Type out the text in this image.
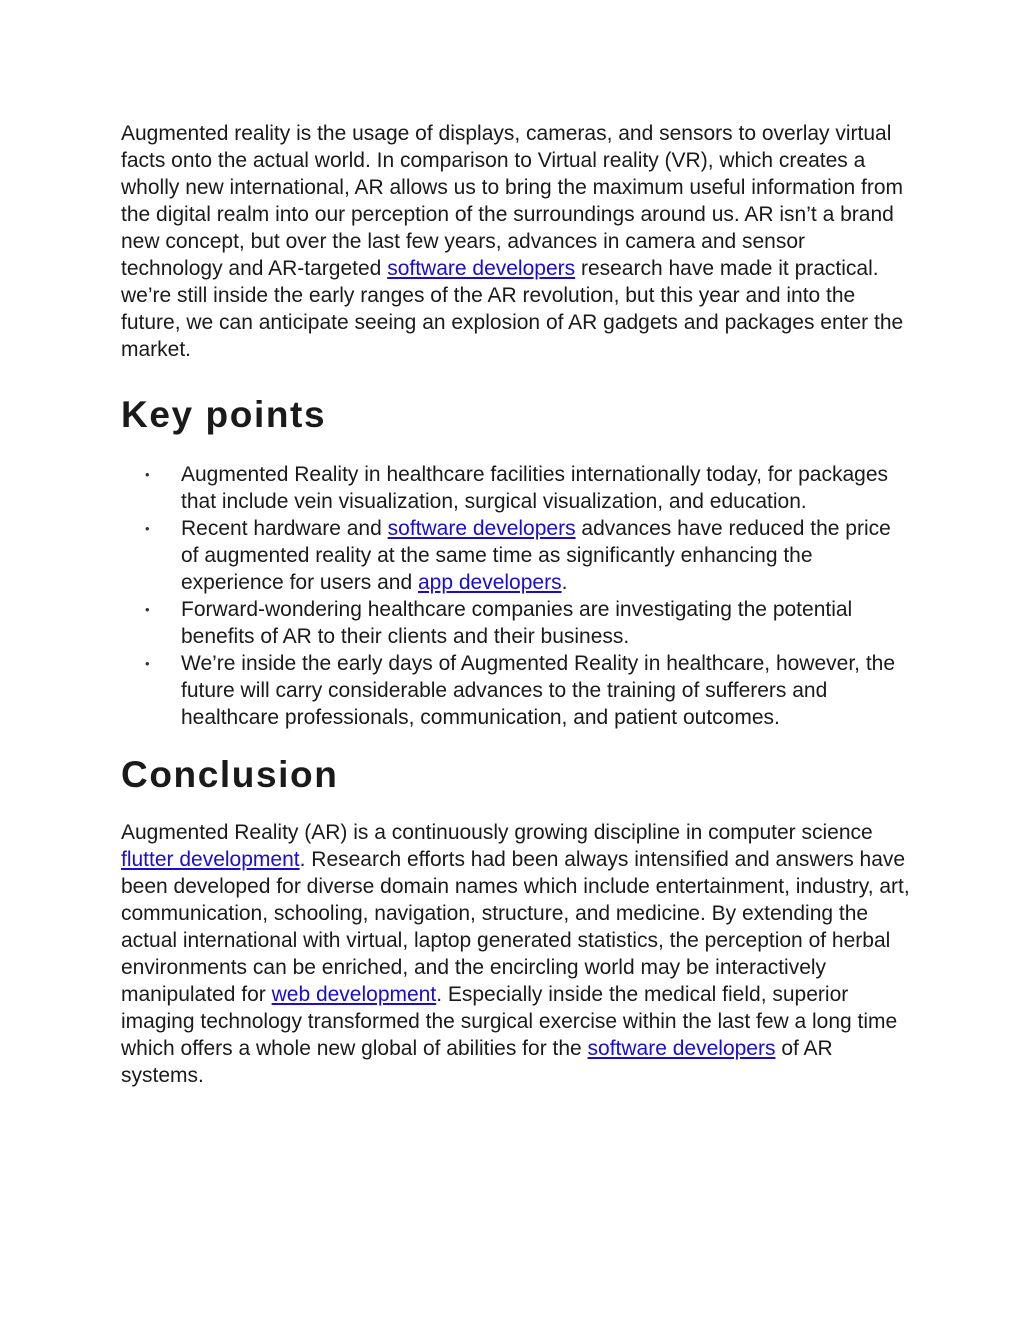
Augmented reality is the usage of displays, cameras, and sensors to overlay virtual facts onto the actual world. In comparison to Virtual reality (VR), which creates a wholly new international, AR allows us to bring the maximum useful information from the digital realm into our perception of the surroundings around us. AR isn’t a brand new concept, but over the last few years, advances in camera and sensor technology and AR-targeted software developers research have made it practical. we’re still inside the early ranges of the AR revolution, but this year and into the future, we can anticipate seeing an explosion of AR gadgets and packages enter the market.

Key points
• Augmented Reality in healthcare facilities internationally today, for packages that include vein visualization, surgical visualization, and education.
• Recent hardware and software developers advances have reduced the price of augmented reality at the same time as significantly enhancing the experience for users and app developers.
• Forward-wondering healthcare companies are investigating the potential benefits of AR to their clients and their business.
• We’re inside the early days of Augmented Reality in healthcare, however, the future will carry considerable advances to the training of sufferers and healthcare professionals, communication, and patient outcomes.
Conclusion

Augmented Reality (AR) is a continuously growing discipline in computer science flutter development. Research efforts had been always intensified and answers have been developed for diverse domain names which include entertainment, industry, art, communication, schooling, navigation, structure, and medicine. By extending the actual international with virtual, laptop generated statistics, the perception of herbal environments can be enriched, and the encircling world may be interactively manipulated for web development. Especially inside the medical field, superior imaging technology transformed the surgical exercise within the last few a long time which offers a whole new global of abilities for the software developers of AR systems.
